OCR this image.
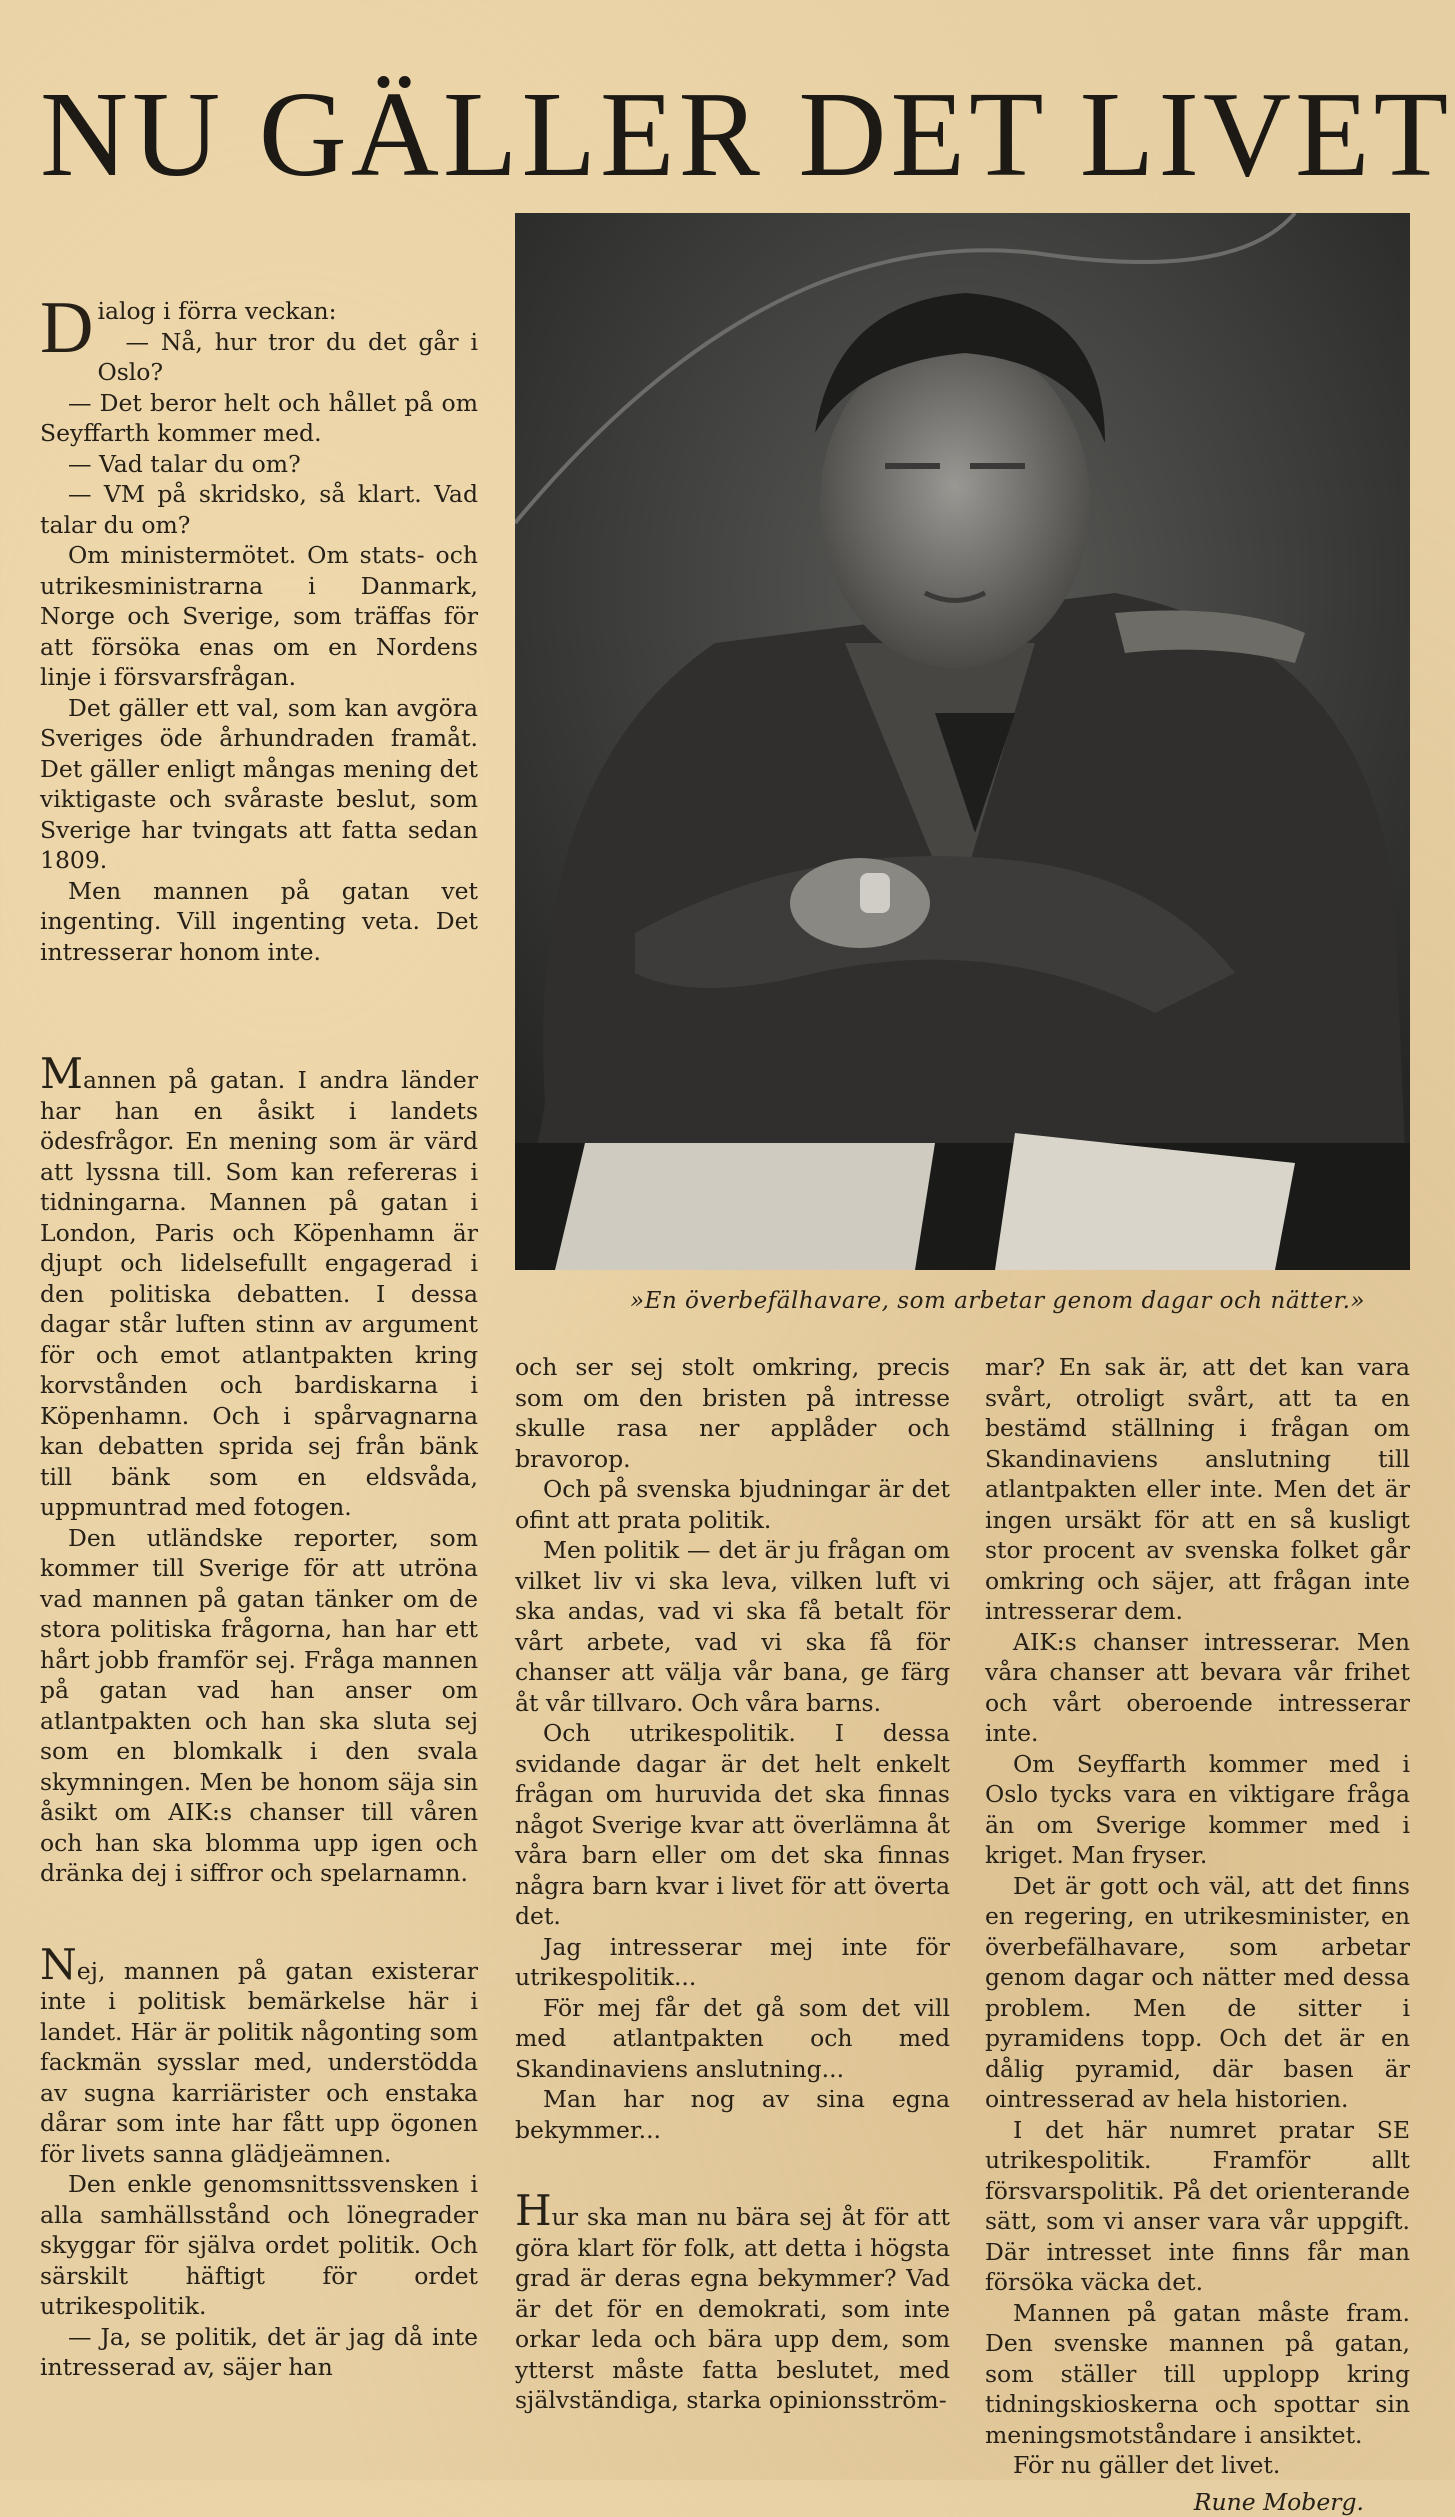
NU GÄLLER DET LIVET
»En överbefälhavare, som arbetar genom dagar och nätter.»

Dialog i förra veckan:

— Nå, hur tror du det går i Oslo?

— Det beror helt och hållet på om Seyffarth kommer med.

— Vad talar du om?

— VM på skridsko, så klart. Vad talar du om?

Om ministermötet. Om stats- och utrikesministrarna i Danmark, Norge och Sverige, som träffas för att försöka enas om en Nordens linje i försvarsfrågan.

Det gäller ett val, som kan avgöra Sveriges öde århundraden framåt. Det gäller enligt mångas mening det viktigaste och svåraste beslut, som Sverige har tvingats att fatta sedan 1809.

Men mannen på gatan vet ingenting. Vill ingenting veta. Det intresserar honom inte.

Mannen på gatan. I andra länder har han en åsikt i landets ödesfrågor. En mening som är värd att lyssna till. Som kan refereras i tidningarna. Mannen på gatan i London, Paris och Köpenhamn är djupt och lidelsefullt engagerad i den politiska debatten. I dessa dagar står luften stinn av argument för och emot atlantpakten kring korvstånden och bardiskarna i Köpenhamn. Och i spårvagnarna kan debatten sprida sej från bänk till bänk som en eldsvåda, uppmuntrad med fotogen.

Den utländske reporter, som kommer till Sverige för att utröna vad mannen på gatan tänker om de stora politiska frågorna, han har ett hårt jobb framför sej. Fråga mannen på gatan vad han anser om atlantpakten och han ska sluta sej som en blomkalk i den svala skymningen. Men be honom säja sin åsikt om AIK:s chanser till våren och han ska blomma upp igen och dränka dej i siffror och spelarnamn.

Nej, mannen på gatan existerar inte i politisk bemärkelse här i landet. Här är politik någonting som fackmän sysslar med, understödda av sugna karriärister och enstaka dårar som inte har fått upp ögonen för livets sanna glädjeämnen.

Den enkle genomsnittssvensken i alla samhällsstånd och lönegrader skyggar för själva ordet politik. Och särskilt häftigt för ordet utrikespolitik.

— Ja, se politik, det är jag då inte intresserad av, säjer han

och ser sej stolt omkring, precis som om den bristen på intresse skulle rasa ner applåder och bravorop.

Och på svenska bjudningar är det ofint att prata politik.

Men politik — det är ju frågan om vilket liv vi ska leva, vilken luft vi ska andas, vad vi ska få betalt för vårt arbete, vad vi ska få för chanser att välja vår bana, ge färg åt vår tillvaro. Och våra barns.

Och utrikespolitik. I dessa svidande dagar är det helt enkelt frågan om huruvida det ska finnas något Sverige kvar att överlämna åt våra barn eller om det ska finnas några barn kvar i livet för att överta det.

Jag intresserar mej inte för utrikespolitik...

För mej får det gå som det vill med atlantpakten och med Skandinaviens anslutning...

Man har nog av sina egna bekymmer...

Hur ska man nu bära sej åt för att göra klart för folk, att detta i högsta grad är deras egna bekymmer? Vad är det för en demokrati, som inte orkar leda och bära upp dem, som ytterst måste fatta beslutet, med självständiga, starka opinionsström-

mar? En sak är, att det kan vara svårt, otroligt svårt, att ta en bestämd ställning i frågan om Skandinaviens anslutning till atlantpakten eller inte. Men det är ingen ursäkt för att en så kusligt stor procent av svenska folket går omkring och säjer, att frågan inte intresserar dem.

AIK:s chanser intresserar. Men våra chanser att bevara vår frihet och vårt oberoende intresserar inte.

Om Seyffarth kommer med i Oslo tycks vara en viktigare fråga än om Sverige kommer med i kriget. Man fryser.

Det är gott och väl, att det finns en regering, en utrikesminister, en överbefälhavare, som arbetar genom dagar och nätter med dessa problem. Men de sitter i pyramidens topp. Och det är en dålig pyramid, där basen är ointresserad av hela historien.

I det här numret pratar SE utrikespolitik. Framför allt försvarspolitik. På det orienterande sätt, som vi anser vara vår uppgift. Där intresset inte finns får man försöka väcka det.

Mannen på gatan måste fram. Den svenske mannen på gatan, som ställer till upplopp kring tidningskioskerna och spottar sin meningsmotståndare i ansiktet.

För nu gäller det livet.

Rune Moberg.
